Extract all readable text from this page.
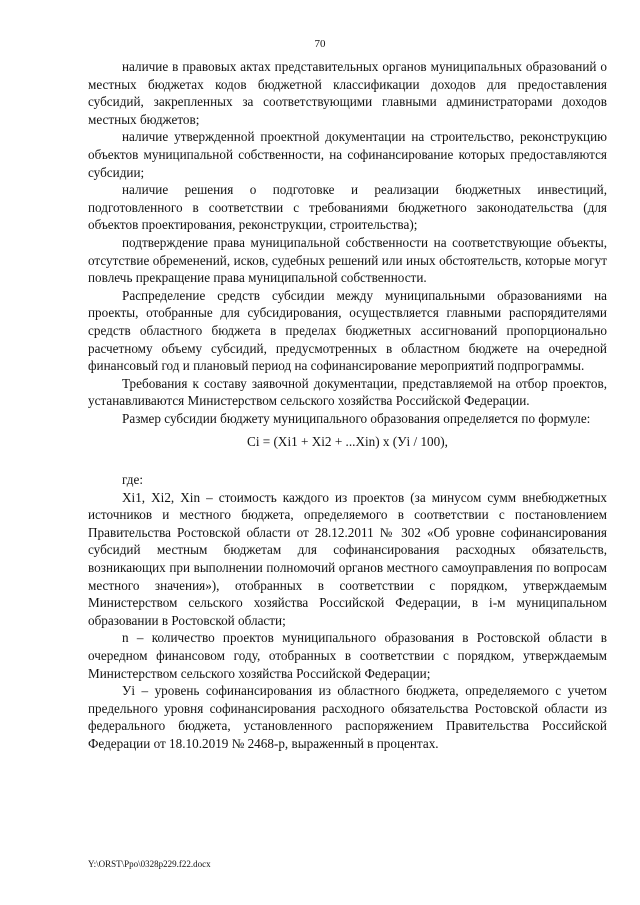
70

наличие в правовых актах представительных органов муниципальных образований о местных бюджетах кодов бюджетной классификации доходов для предоставления субсидий, закрепленных за соответствующими главными администраторами доходов местных бюджетов;

наличие утвержденной проектной документации на строительство, реконструкцию объектов муниципальной собственности, на софинансирование которых предоставляются субсидии;

наличие решения о подготовке и реализации бюджетных инвестиций, подготовленного в соответствии с требованиями бюджетного законодательства (для объектов проектирования, реконструкции, строительства);

подтверждение права муниципальной собственности на соответствующие объекты, отсутствие обременений, исков, судебных решений или иных обстоятельств, которые могут повлечь прекращение права муниципальной собственности.

Распределение средств субсидии между муниципальными образованиями на проекты, отобранные для субсидирования, осуществляется главными распорядителями средств областного бюджета в пределах бюджетных ассигнований пропорционально расчетному объему субсидий, предусмотренных в областном бюджете на очередной финансовый год и плановый период на софинансирование мероприятий подпрограммы.

Требования к составу заявочной документации, представляемой на отбор проектов, устанавливаются Министерством сельского хозяйства Российской Федерации.

Размер субсидии бюджету муниципального образования определяется по формуле:

Ci = (Xi1 + Xi2 + ...Xin) x (Уi / 100),

где:

Xi1, Xi2, Xin – стоимость каждого из проектов (за минусом сумм внебюджетных источников и местного бюджета, определяемого в соответствии с постановлением Правительства Ростовской области от 28.12.2011 № 302 «Об уровне софинансирования субсидий местным бюджетам для софинансирования расходных обязательств, возникающих при выполнении полномочий органов местного самоуправления по вопросам местного значения»), отобранных в соответствии с порядком, утверждаемым Министерством сельского хозяйства Российской Федерации, в i-м муниципальном образовании в Ростовской области;

n – количество проектов муниципального образования в Ростовской области в очередном финансовом году, отобранных в соответствии с порядком, утверждаемым Министерством сельского хозяйства Российской Федерации;

Уi – уровень софинансирования из областного бюджета, определяемого с учетом предельного уровня софинансирования расходного обязательства Ростовской области из федерального бюджета, установленного распоряжением Правительства Российской Федерации от 18.10.2019 № 2468-р, выраженный в процентах.

Y:\ORST\Ppo\0328p229.f22.docx
